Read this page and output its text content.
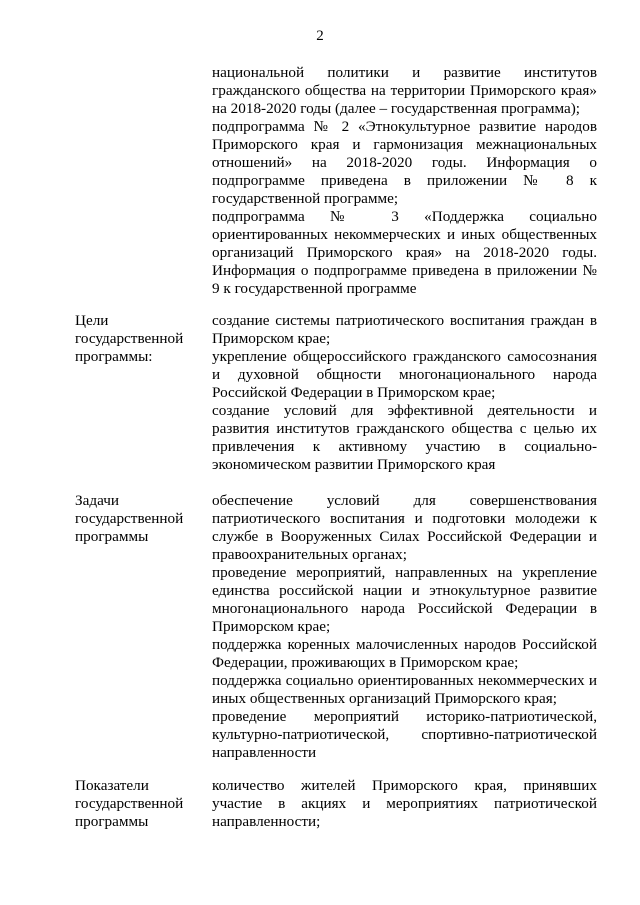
2
национальной политики и развитие институтов гражданского общества на территории Приморского края» на 2018-2020 годы (далее – государственная программа);
подпрограмма № 2 «Этнокультурное развитие народов Приморского края и гармонизация межнациональных отношений» на 2018-2020 годы. Информация о подпрограмме приведена в приложении № 8 к государственной программе;
подпрограмма № 3 «Поддержка социально ориентированных некоммерческих и иных общественных организаций Приморского края» на 2018-2020 годы. Информация о подпрограмме приведена в приложении № 9 к государственной программе
Цели
государственной
программы:
создание системы патриотического воспитания граждан в Приморском крае;
укрепление общероссийского гражданского самосознания и духовной общности многонационального народа Российской Федерации в Приморском крае;
создание условий для эффективной деятельности и развития институтов гражданского общества с целью их привлечения к активному участию в социально-экономическом развитии Приморского края
Задачи
государственной
программы
обеспечение условий для совершенствования патриотического воспитания и подготовки молодежи к службе в Вооруженных Силах Российской Федерации и правоохранительных органах;
проведение мероприятий, направленных на укрепление единства российской нации и этнокультурное развитие многонационального народа Российской Федерации в Приморском крае;
поддержка коренных малочисленных народов Российской Федерации, проживающих в Приморском крае;
поддержка социально ориентированных некоммерческих и иных общественных организаций Приморского края;
проведение мероприятий историко-патриотической, культурно-патриотической, спортивно-патриотической направленности
Показатели
государственной
программы
количество жителей Приморского края, принявших участие в акциях и мероприятиях патриотической направленности;
